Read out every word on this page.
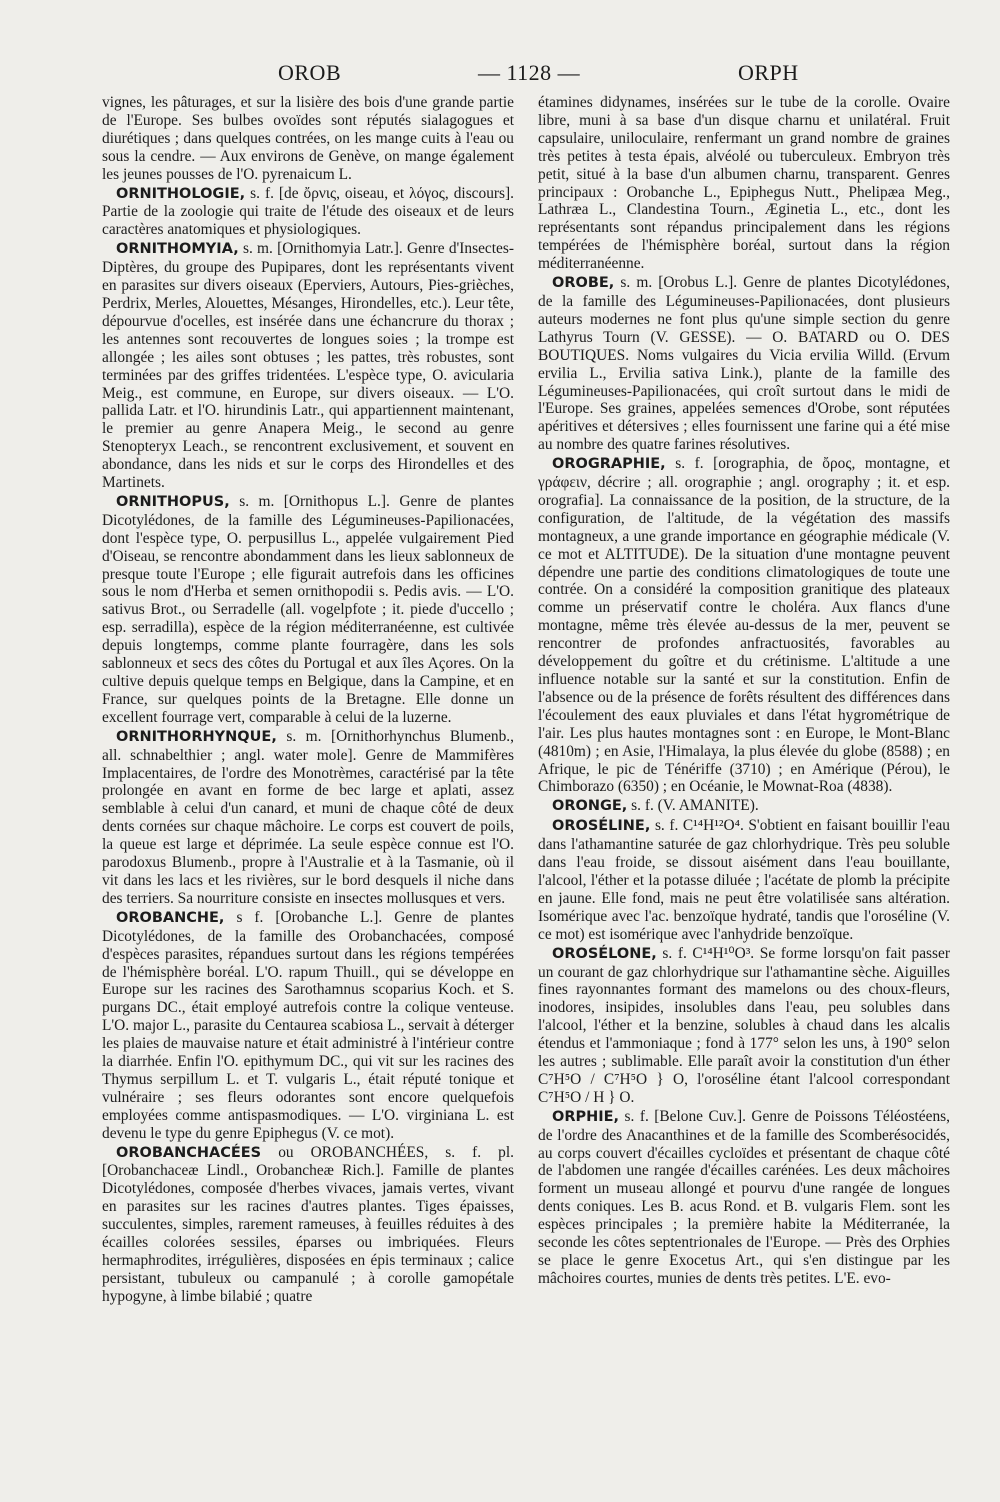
OROB	— 1128 —	ORPH

vignes, les pâturages, et sur la lisière des bois d'une grande partie de l'Europe. Ses bulbes ovoïdes sont réputés sialagogues et diurétiques ; dans quelques contrées, on les mange cuits à l'eau ou sous la cendre. — Aux environs de Genève, on mange également les jeunes pousses de l'O. pyrenaicum L.

ORNITHOLOGIE, s. f. [de ὄρνις, oiseau, et λόγος, discours]. Partie de la zoologie qui traite de l'étude des oiseaux et de leurs caractères anatomiques et physiologiques.

ORNITHOMYIA, s. m. [Ornithomyia Latr.]. Genre d'Insectes-Diptères, du groupe des Pupipares, dont les représentants vivent en parasites sur divers oiseaux (Eperviers, Autours, Pies-grièches, Perdrix, Merles, Alouettes, Mésanges, Hirondelles, etc.). Leur tête, dépourvue d'ocelles, est insérée dans une échancrure du thorax ; les antennes sont recouvertes de longues soies ; la trompe est allongée ; les ailes sont obtuses ; les pattes, très robustes, sont terminées par des griffes tridentées. L'espèce type, O. avicularia Meig., est commune, en Europe, sur divers oiseaux. — L'O. pallida Latr. et l'O. hirundinis Latr., qui appartiennent maintenant, le premier au genre Anapera Meig., le second au genre Stenopteryx Leach., se rencontrent exclusivement, et souvent en abondance, dans les nids et sur le corps des Hirondelles et des Martinets.

ORNITHOPUS, s. m. [Ornithopus L.]. Genre de plantes Dicotylédones, de la famille des Légumineuses-Papilionacées, dont l'espèce type, O. perpusillus L., appelée vulgairement Pied d'Oiseau, se rencontre abondamment dans les lieux sablonneux de presque toute l'Europe ; elle figurait autrefois dans les officines sous le nom d'Herba et semen ornithopodii s. Pedis avis. — L'O. sativus Brot., ou Serradelle (all. vogelpfote ; it. piede d'uccello ; esp. serradilla), espèce de la région méditerranéenne, est cultivée depuis longtemps, comme plante fourragère, dans les sols sablonneux et secs des côtes du Portugal et aux îles Açores. On la cultive depuis quelque temps en Belgique, dans la Campine, et en France, sur quelques points de la Bretagne. Elle donne un excellent fourrage vert, comparable à celui de la luzerne.

ORNITHORHYNQUE, s. m. [Ornithorhynchus Blumenb., all. schnabelthier ; angl. water mole]. Genre de Mammifères Implacentaires, de l'ordre des Monotrèmes, caractérisé par la tête prolongée en avant en forme de bec large et aplati, assez semblable à celui d'un canard, et muni de chaque côté de deux dents cornées sur chaque mâchoire. Le corps est couvert de poils, la queue est large et déprimée. La seule espèce connue est l'O. parodoxus Blumenb., propre à l'Australie et à la Tasmanie, où il vit dans les lacs et les rivières, sur le bord desquels il niche dans des terriers. Sa nourriture consiste en insectes mollusques et vers.

OROBANCHE, s f. [Orobanche L.]. Genre de plantes Dicotylédones, de la famille des Orobanchacées, composé d'espèces parasites, répandues surtout dans les régions tempérées de l'hémisphère boréal. L'O. rapum Thuill., qui se développe en Europe sur les racines des Sarothamnus scoparius Koch. et S. purgans DC., était employé autrefois contre la colique venteuse. L'O. major L., parasite du Centaurea scabiosa L., servait à déterger les plaies de mauvaise nature et était administré à l'intérieur contre la diarrhée. Enfin l'O. epithymum DC., qui vit sur les racines des Thymus serpillum L. et T. vulgaris L., était réputé tonique et vulnéraire ; ses fleurs odorantes sont encore quelquefois employées comme antispasmodiques. — L'O. virginiana L. est devenu le type du genre Epiphegus (V. ce mot).

OROBANCHACÉES ou OROBANCHÉES, s. f. pl. [Orobanchaceæ Lindl., Orobancheæ Rich.]. Famille de plantes Dicotylédones, composée d'herbes vivaces, jamais vertes, vivant en parasites sur les racines d'autres plantes. Tiges épaisses, succulentes, simples, rarement rameuses, à feuilles réduites à des écailles colorées sessiles, éparses ou imbriquées. Fleurs hermaphrodites, irrégulières, disposées en épis terminaux ; calice persistant, tubuleux ou campanulé ; à corolle gamopétale hypogyne, à limbe bilabié ; quatre

étamines didynames, insérées sur le tube de la corolle. Ovaire libre, muni à sa base d'un disque charnu et unilatéral. Fruit capsulaire, uniloculaire, renfermant un grand nombre de graines très petites à testa épais, alvéolé ou tuberculeux. Embryon très petit, situé à la base d'un albumen charnu, transparent. Genres principaux : Orobanche L., Epiphegus Nutt., Phelipæa Meg., Lathræa L., Clandestina Tourn., Æginetia L., etc., dont les représentants sont répandus principalement dans les régions tempérées de l'hémisphère boréal, surtout dans la région méditerranéenne.

OROBE, s. m. [Orobus L.]. Genre de plantes Dicotylédones, de la famille des Légumineuses-Papilionacées, dont plusieurs auteurs modernes ne font plus qu'une simple section du genre Lathyrus Tourn (V. GESSE). — O. BATARD ou O. DES BOUTIQUES. Noms vulgaires du Vicia ervilia Willd. (Ervum ervilia L., Ervilia sativa Link.), plante de la famille des Légumineuses-Papilionacées, qui croît surtout dans le midi de l'Europe. Ses graines, appelées semences d'Orobe, sont réputées apéritives et détersives ; elles fournissent une farine qui a été mise au nombre des quatre farines résolutives.

OROGRAPHIE, s. f. [orographia, de ὄρος, montagne, et γράφειν, décrire ; all. orographie ; angl. orography ; it. et esp. orografia]. La connaissance de la position, de la structure, de la configuration, de l'altitude, de la végétation des massifs montagneux, a une grande importance en géographie médicale (V. ce mot et ALTITUDE). De la situation d'une montagne peuvent dépendre une partie des conditions climatologiques de toute une contrée. On a considéré la composition granitique des plateaux comme un préservatif contre le choléra. Aux flancs d'une montagne, même très élevée au-dessus de la mer, peuvent se rencontrer de profondes anfractuosités, favorables au développement du goître et du crétinisme. L'altitude a une influence notable sur la santé et sur la constitution. Enfin de l'absence ou de la présence de forêts résultent des différences dans l'écoulement des eaux pluviales et dans l'état hygrométrique de l'air. Les plus hautes montagnes sont : en Europe, le Mont-Blanc (4810m) ; en Asie, l'Himalaya, la plus élevée du globe (8588) ; en Afrique, le pic de Ténériffe (3710) ; en Amérique (Pérou), le Chimborazo (6350) ; en Océanie, le Mownat-Roa (4838).

ORONGE, s. f. (V. AMANITE).

OROSÉLINE, s. f. C¹⁴H¹²O⁴. S'obtient en faisant bouillir l'eau dans l'athamantine saturée de gaz chlorhydrique. Très peu soluble dans l'eau froide, se dissout aisément dans l'eau bouillante, l'alcool, l'éther et la potasse diluée ; l'acétate de plomb la précipite en jaune. Elle fond, mais ne peut être volatilisée sans altération. Isomérique avec l'ac. benzoïque hydraté, tandis que l'oroséline (V. ce mot) est isomérique avec l'anhydride benzoïque.

OROSÉLONE, s. f. C¹⁴H¹⁰O³. Se forme lorsqu'on fait passer un courant de gaz chlorhydrique sur l'athamantine sèche. Aiguilles fines rayonnantes formant des mamelons ou des choux-fleurs, inodores, insipides, insolubles dans l'eau, peu solubles dans l'alcool, l'éther et la benzine, solubles à chaud dans les alcalis étendus et l'ammoniaque ; fond à 177° selon les uns, à 190° selon les autres ; sublimable. Elle paraît avoir la constitution d'un éther C⁷H⁵O / C⁷H⁵O } O, l'oroséline étant l'alcool correspondant C⁷H⁵O / H } O.

ORPHIE, s. f. [Belone Cuv.]. Genre de Poissons Téléostéens, de l'ordre des Anacanthines et de la famille des Scomberésocidés, au corps couvert d'écailles cycloïdes et présentant de chaque côté de l'abdomen une rangée d'écailles carénées. Les deux mâchoires forment un museau allongé et pourvu d'une rangée de longues dents coniques. Les B. acus Rond. et B. vulgaris Flem. sont les espèces principales ; la première habite la Méditerranée, la seconde les côtes septentrionales de l'Europe. — Près des Orphies se place le genre Exocetus Art., qui s'en distingue par les mâchoires courtes, munies de dents très petites. L'E. evo-
